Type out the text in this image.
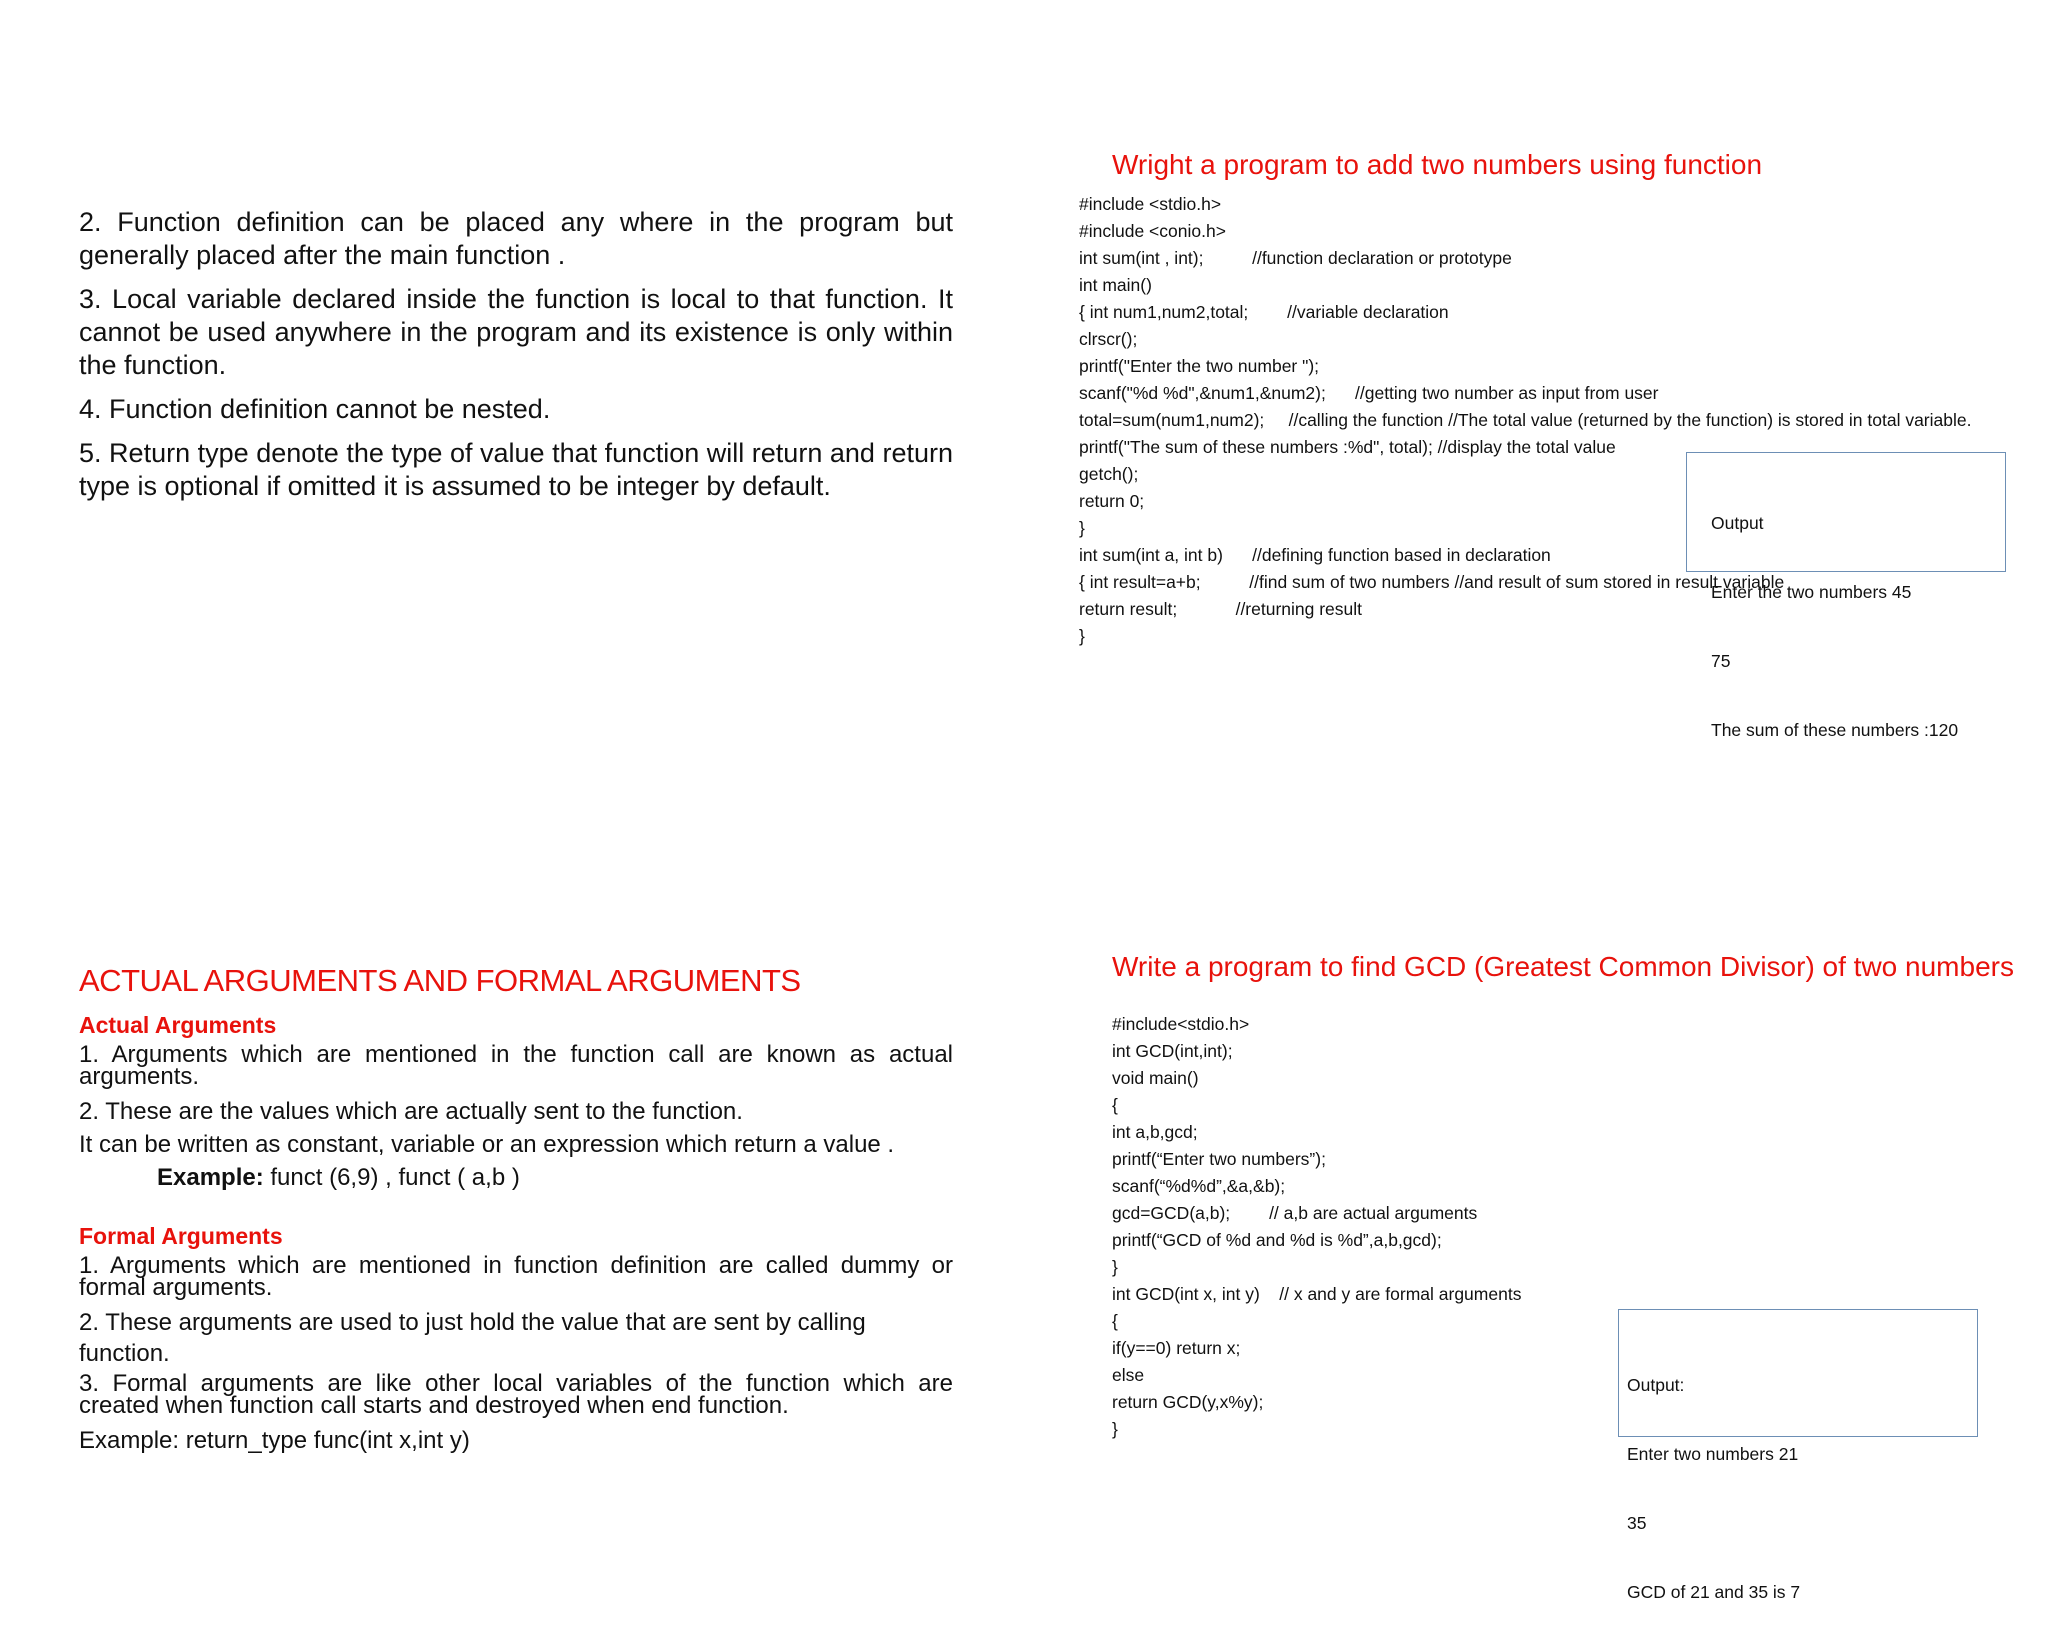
2. Function definition can be placed any where in the program but generally placed after the main function .

3. Local variable declared inside the function is local to that function. It cannot be used anywhere in the program and its existence is only within the function.

4. Function definition cannot be nested.

5. Return type denote the type of value that function will return and return type is optional if omitted it is assumed to be integer by default.

Wright a program to add two numbers using function

#include <stdio.h>
#include <conio.h>
int sum(int , int);          //function declaration or prototype
int main()
{ int num1,num2,total;        //variable declaration
clrscr();
printf("Enter the two number ");
scanf("%d %d",&num1,&num2);      //getting two number as input from user
total=sum(num1,num2);     //calling the function //The total value (returned by the function) is stored in total variable.
printf("The sum of these numbers :%d", total); //display the total value
getch();
return 0;
}
int sum(int a, int b)      //defining function based in declaration
{ int result=a+b;          //find sum of two numbers //and result of sum stored in result variable
return result;            //returning result
}

Output

Enter the two numbers 45

75

The sum of these numbers :120

ACTUAL ARGUMENTS AND FORMAL ARGUMENTS

Actual Arguments

1. Arguments which are mentioned in the function call are known as actual arguments.

2. These are the values which are actually sent to the function.

It can be written as constant, variable or an expression which return a value .

Example: funct (6,9) , funct ( a,b )

Formal Arguments

1. Arguments which are mentioned in function definition are called dummy or formal arguments.

2. These arguments are used to just hold the value that are sent by calling function.

3. Formal arguments are like other local variables of the function which are created when function call starts and destroyed when end function.

Example: return_type func(int x,int y)

Write a program to find GCD (Greatest Common Divisor) of two numbers

#include<stdio.h>
int GCD(int,int);
void main()
{
int a,b,gcd;
printf(“Enter two numbers”);
scanf(“%d%d”,&a,&b);
gcd=GCD(a,b);        // a,b are actual arguments
printf(“GCD of %d and %d is %d”,a,b,gcd);
}
int GCD(int x, int y)    // x and y are formal arguments
{
if(y==0) return x;
else
return GCD(y,x%y);
}

Output:

Enter two numbers 21

35

GCD of 21 and 35 is 7
